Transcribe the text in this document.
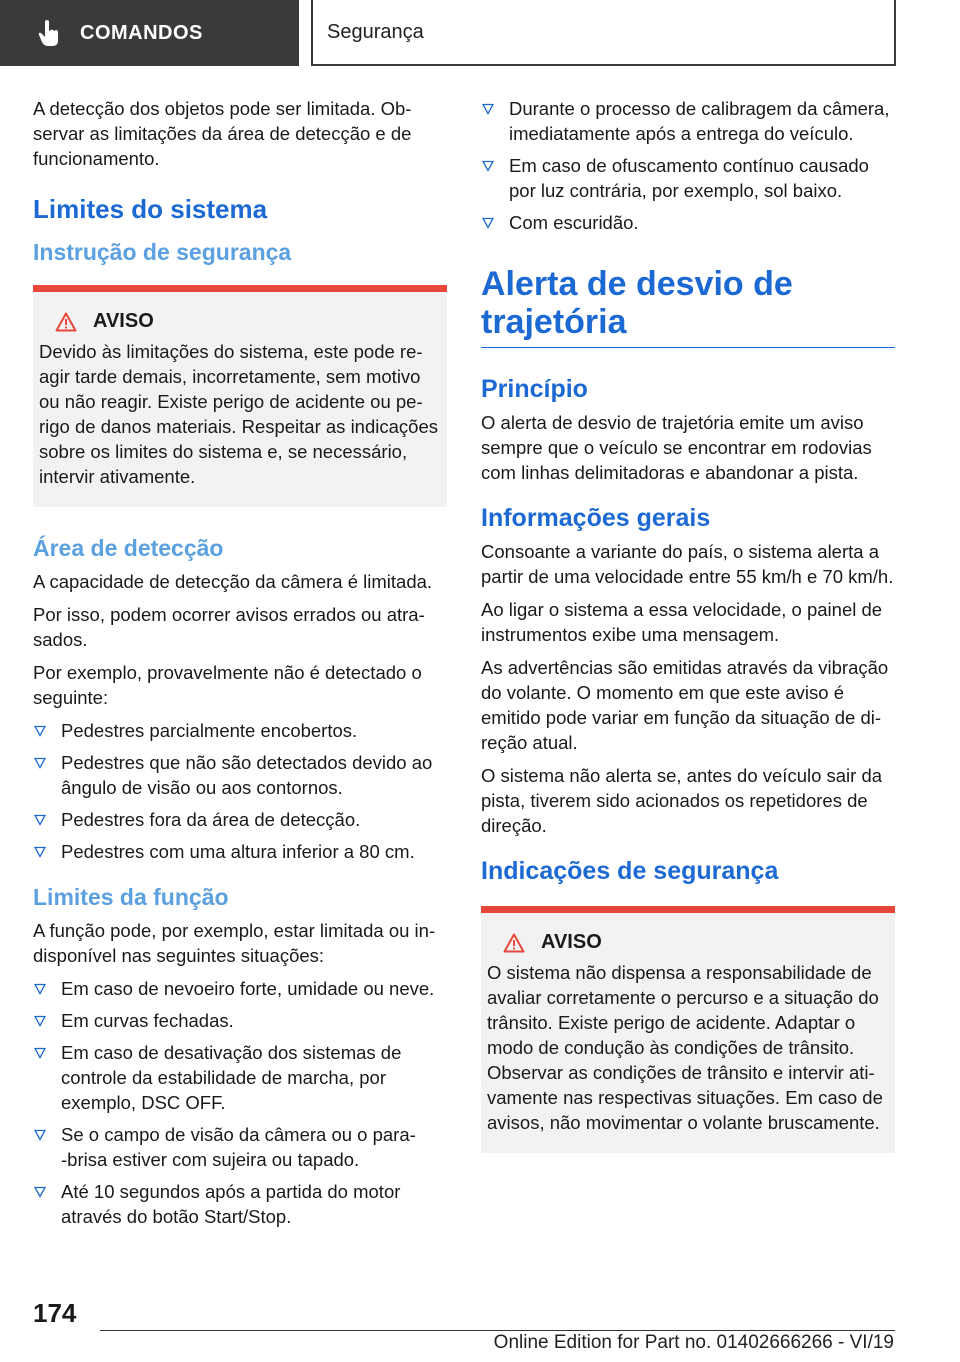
COMANDOS	Segurança

A detecção dos objetos pode ser limitada. Observar as limitações da área de detecção e de funcionamento.

Limites do sistema
Instrução de segurança
AVISO

Devido às limitações do sistema, este pode reagir tarde demais, incorretamente, sem motivo ou não reagir. Existe perigo de acidente ou perigo de danos materiais. Respeitar as indicações sobre os limites do sistema e, se necessário, intervir ativamente.

Área de detecção

A capacidade de detecção da câmera é limitada.

Por isso, podem ocorrer avisos errados ou atrasados.

Por exemplo, provavelmente não é detectado o seguinte:

Pedestres parcialmente encobertos.
Pedestres que não são detectados devido ao ângulo de visão ou aos contornos.
Pedestres fora da área de detecção.
Pedestres com uma altura inferior a 80 cm.
Limites da função

A função pode, por exemplo, estar limitada ou indisponível nas seguintes situações:

Em caso de nevoeiro forte, umidade ou neve.
Em curvas fechadas.
Em caso de desativação dos sistemas de controle da estabilidade de marcha, por exemplo, DSC OFF.
Se o campo de visão da câmera ou o para-‑brisa estiver com sujeira ou tapado.
Até 10 segundos após a partida do motor através do botão Start/Stop.
Durante o processo de calibragem da câmera, imediatamente após a entrega do veículo.
Em caso de ofuscamento contínuo causado por luz contrária, por exemplo, sol baixo.
Com escuridão.
Alerta de desvio de trajetória
Princípio

O alerta de desvio de trajetória emite um aviso sempre que o veículo se encontrar em rodovias com linhas delimitadoras e abandonar a pista.

Informações gerais

Consoante a variante do país, o sistema alerta a partir de uma velocidade entre 55 km/h e 70 km/h.

Ao ligar o sistema a essa velocidade, o painel de instrumentos exibe uma mensagem.

As advertências são emitidas através da vibração do volante. O momento em que este aviso é emitido pode variar em função da situação de direção atual.

O sistema não alerta se, antes do veículo sair da pista, tiverem sido acionados os repetidores de direção.

Indicações de segurança
AVISO

O sistema não dispensa a responsabilidade de avaliar corretamente o percurso e a situação do trânsito. Existe perigo de acidente. Adaptar o modo de condução às condições de trânsito. Observar as condições de trânsito e intervir ativamente nas respectivas situações. Em caso de avisos, não movimentar o volante bruscamente.

174
Online Edition for Part no. 01402666266 - VI/19
